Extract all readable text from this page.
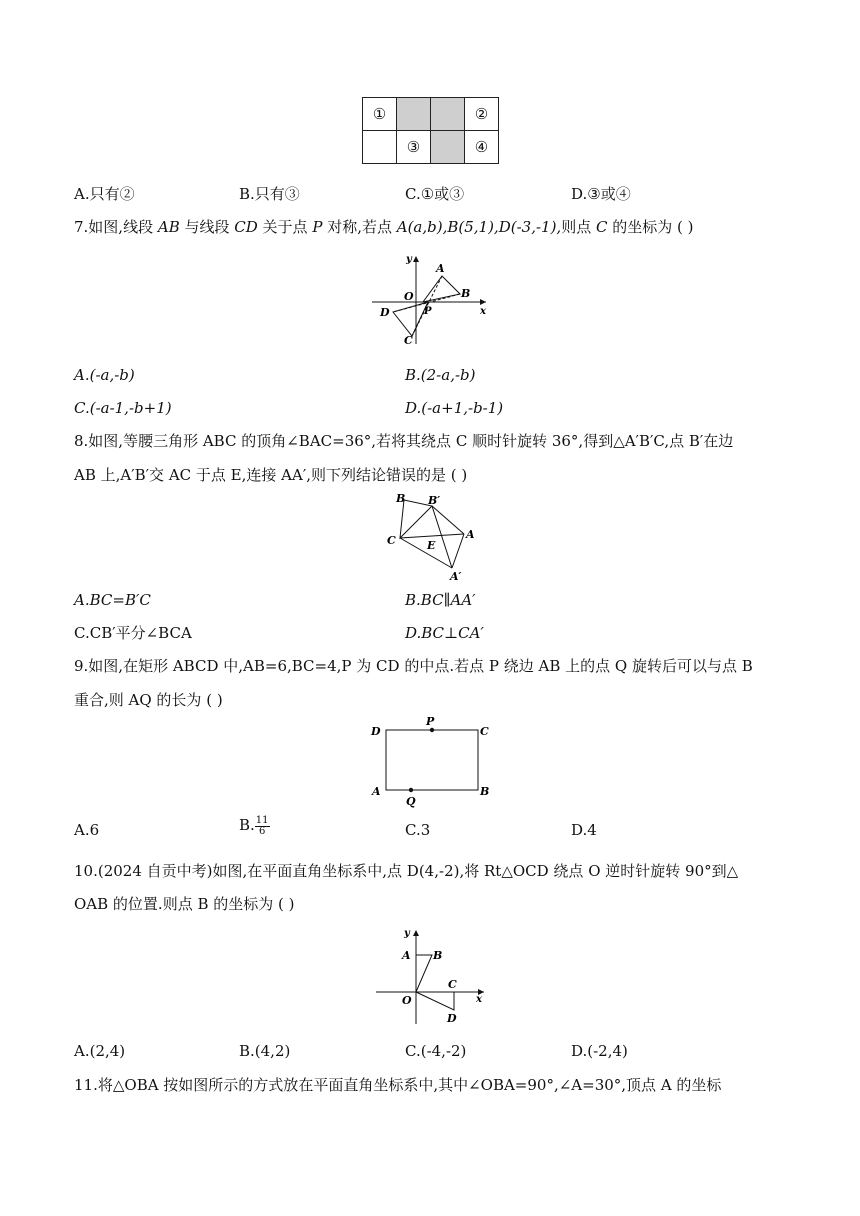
①			②
	③		④
A.只有②	B.只有③	C.①或③	D.③或④
7.如图,线段 AB 与线段 CD 关于点 P 对称,若点 A(a,b),B(5,1),D(-3,-1),则点 C 的坐标为 ( )
y
A
B
O
P	x
D
C
A.(-a,-b)	B.(2-a,-b)
C.(-a-1,-b+1)	D.(-a+1,-b-1)
8.如图,等腰三角形 ABC 的顶角∠BAC=36°,若将其绕点 C 顺时针旋转 36°,得到△A′B′C,点 B′在边
AB 上,A′B′交 AC 于点 E,连接 AA′,则下列结论错误的是 ( )
B B′
C	E
A
A′
A.BC=B′C	B.BC∥AA′
C.CB′平分∠BCA	D.BC⊥CA′
9.如图,在矩形 ABCD 中,AB=6,BC=4,P 为 CD 的中点.若点 P 绕边 AB 上的点 Q 旋转后可以与点 B
重合,则 AQ 的长为 ( )
D
P
C
A
Q
B
A.6	B. $\frac{11}{6}$	C.3	D.4
10.(2024 自贡中考)如图,在平面直角坐标系中,点 D(4,-2),将 Rt△OCD 绕点 O 逆时针旋转 90°到△
OAB 的位置.则点 B 的坐标为 ( )
y
A B
C
O	x
D
A.(2,4)	B.(4,2)	C.(-4,-2)	D.(-2,4)
11.将△OBA 按如图所示的方式放在平面直角坐标系中,其中∠OBA=90°,∠A=30°,顶点 A 的坐标
